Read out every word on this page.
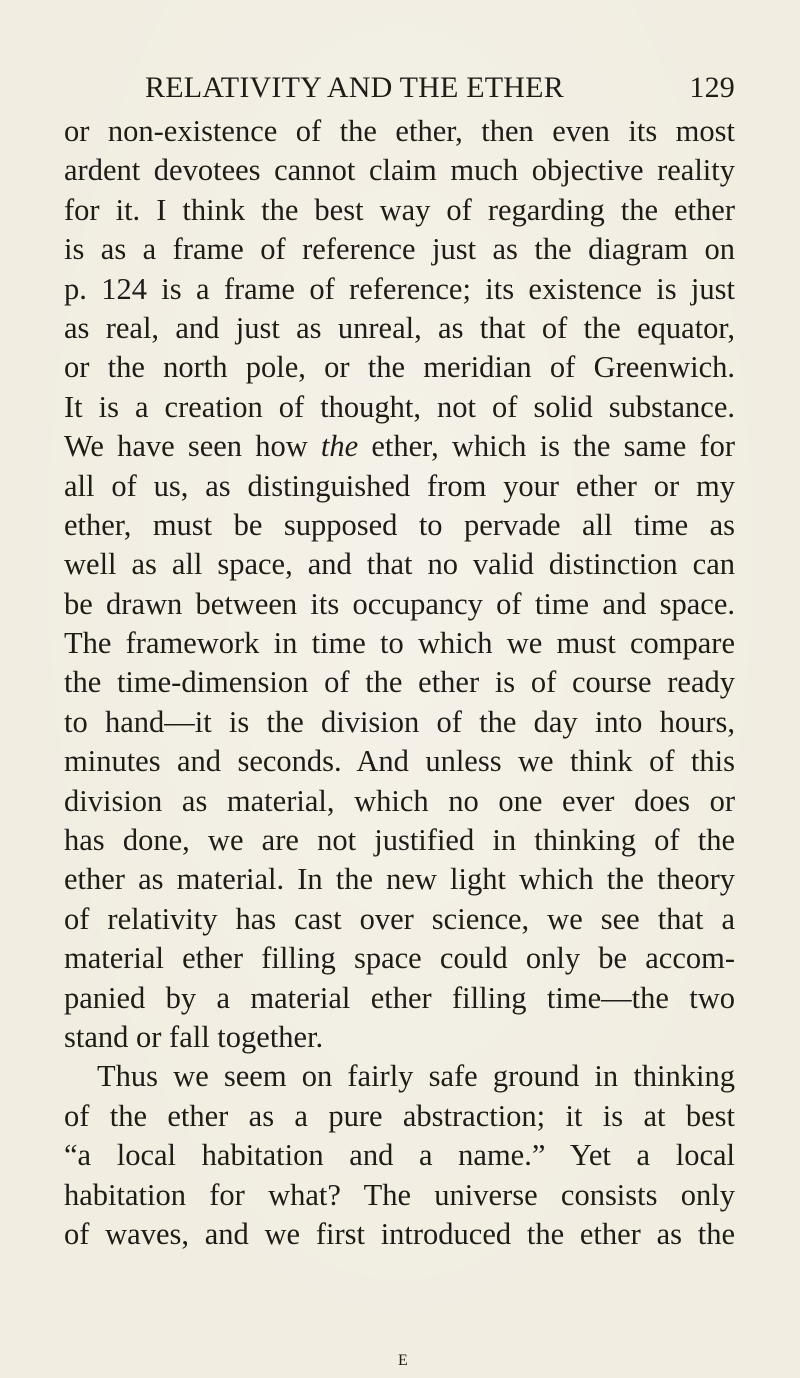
RELATIVITY AND THE ETHER	129
or non-existence of the ether, then even its most
ardent devotees cannot claim much objective reality
for it. I think the best way of regarding the ether
is as a frame of reference just as the diagram on
p. 124 is a frame of reference; its existence is just
as real, and just as unreal, as that of the equator,
or the north pole, or the meridian of Greenwich.
It is a creation of thought, not of solid substance.
We have seen how the ether, which is the same for
all of us, as distinguished from your ether or my
ether, must be supposed to pervade all time as
well as all space, and that no valid distinction can
be drawn between its occupancy of time and space.
The framework in time to which we must compare
the time-dimension of the ether is of course ready
to hand—it is the division of the day into hours,
minutes and seconds. And unless we think of this
division as material, which no one ever does or
has done, we are not justified in thinking of the
ether as material. In the new light which the theory
of relativity has cast over science, we see that a
material ether filling space could only be accom-
panied by a material ether filling time—the two
stand or fall together.
Thus we seem on fairly safe ground in thinking
of the ether as a pure abstraction; it is at best
“a local habitation and a name.” Yet a local
habitation for what? The universe consists only
of waves, and we first introduced the ether as the
E
